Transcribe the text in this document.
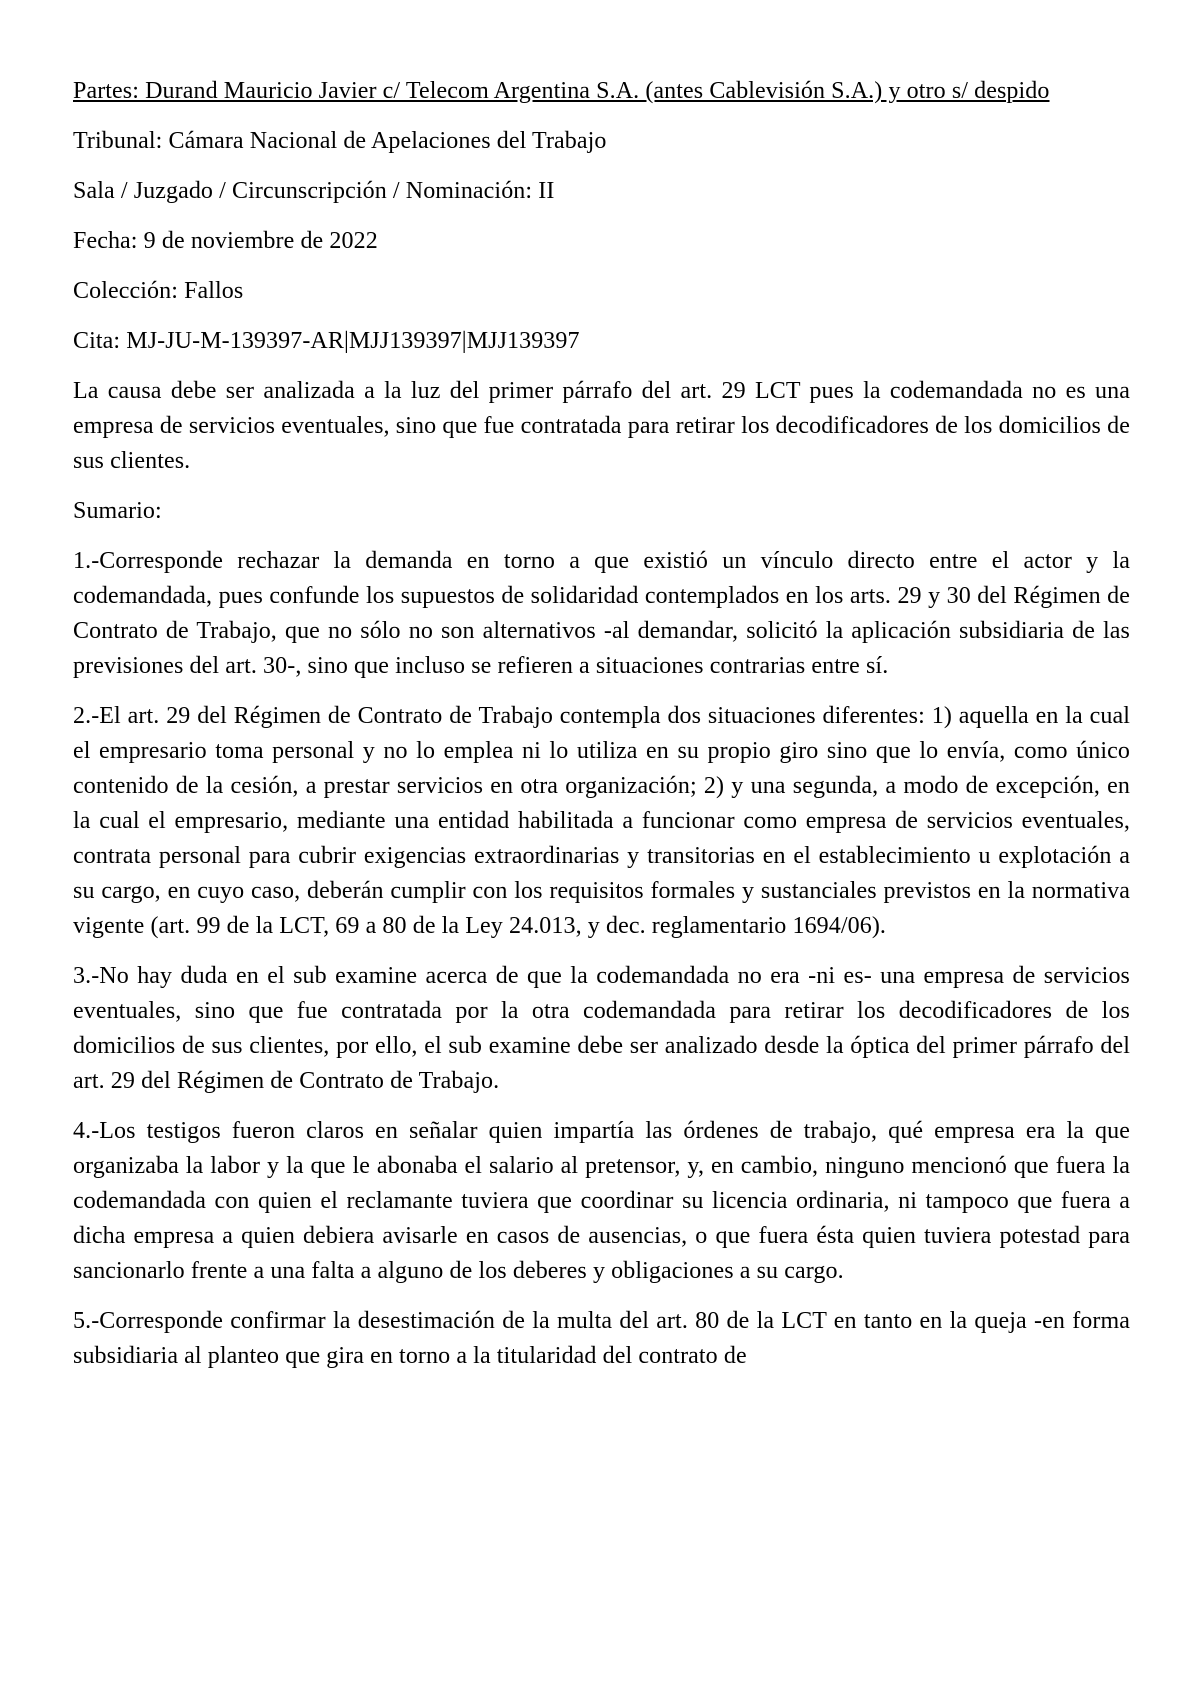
Partes: Durand Mauricio Javier c/ Telecom Argentina S.A. (antes Cablevisión S.A.) y otro s/ despido

Tribunal: Cámara Nacional de Apelaciones del Trabajo

Sala / Juzgado / Circunscripción / Nominación: II

Fecha: 9 de noviembre de 2022

Colección: Fallos

Cita: MJ-JU-M-139397-AR|MJJ139397|MJJ139397

La causa debe ser analizada a la luz del primer párrafo del art. 29 LCT pues la codemandada no es una empresa de servicios eventuales, sino que fue contratada para retirar los decodificadores de los domicilios de sus clientes.

Sumario:

1.-Corresponde rechazar la demanda en torno a que existió un vínculo directo entre el actor y la codemandada, pues confunde los supuestos de solidaridad contemplados en los arts. 29 y 30 del Régimen de Contrato de Trabajo, que no sólo no son alternativos -al demandar, solicitó la aplicación subsidiaria de las previsiones del art. 30-, sino que incluso se refieren a situaciones contrarias entre sí.

2.-El art. 29 del Régimen de Contrato de Trabajo contempla dos situaciones diferentes: 1) aquella en la cual el empresario toma personal y no lo emplea ni lo utiliza en su propio giro sino que lo envía, como único contenido de la cesión, a prestar servicios en otra organización; 2) y una segunda, a modo de excepción, en la cual el empresario, mediante una entidad habilitada a funcionar como empresa de servicios eventuales, contrata personal para cubrir exigencias extraordinarias y transitorias en el establecimiento u explotación a su cargo, en cuyo caso, deberán cumplir con los requisitos formales y sustanciales previstos en la normativa vigente (art. 99 de la LCT, 69 a 80 de la Ley 24.013, y dec. reglamentario 1694/06).

3.-No hay duda en el sub examine acerca de que la codemandada no era -ni es- una empresa de servicios eventuales, sino que fue contratada por la otra codemandada para retirar los decodificadores de los domicilios de sus clientes, por ello, el sub examine debe ser analizado desde la óptica del primer párrafo del art. 29 del Régimen de Contrato de Trabajo.

4.-Los testigos fueron claros en señalar quien impartía las órdenes de trabajo, qué empresa era la que organizaba la labor y la que le abonaba el salario al pretensor, y, en cambio, ninguno mencionó que fuera la codemandada con quien el reclamante tuviera que coordinar su licencia ordinaria, ni tampoco que fuera a dicha empresa a quien debiera avisarle en casos de ausencias, o que fuera ésta quien tuviera potestad para sancionarlo frente a una falta a alguno de los deberes y obligaciones a su cargo.

5.-Corresponde confirmar la desestimación de la multa del art. 80 de la LCT en tanto en la queja -en forma subsidiaria al planteo que gira en torno a la titularidad del contrato de
